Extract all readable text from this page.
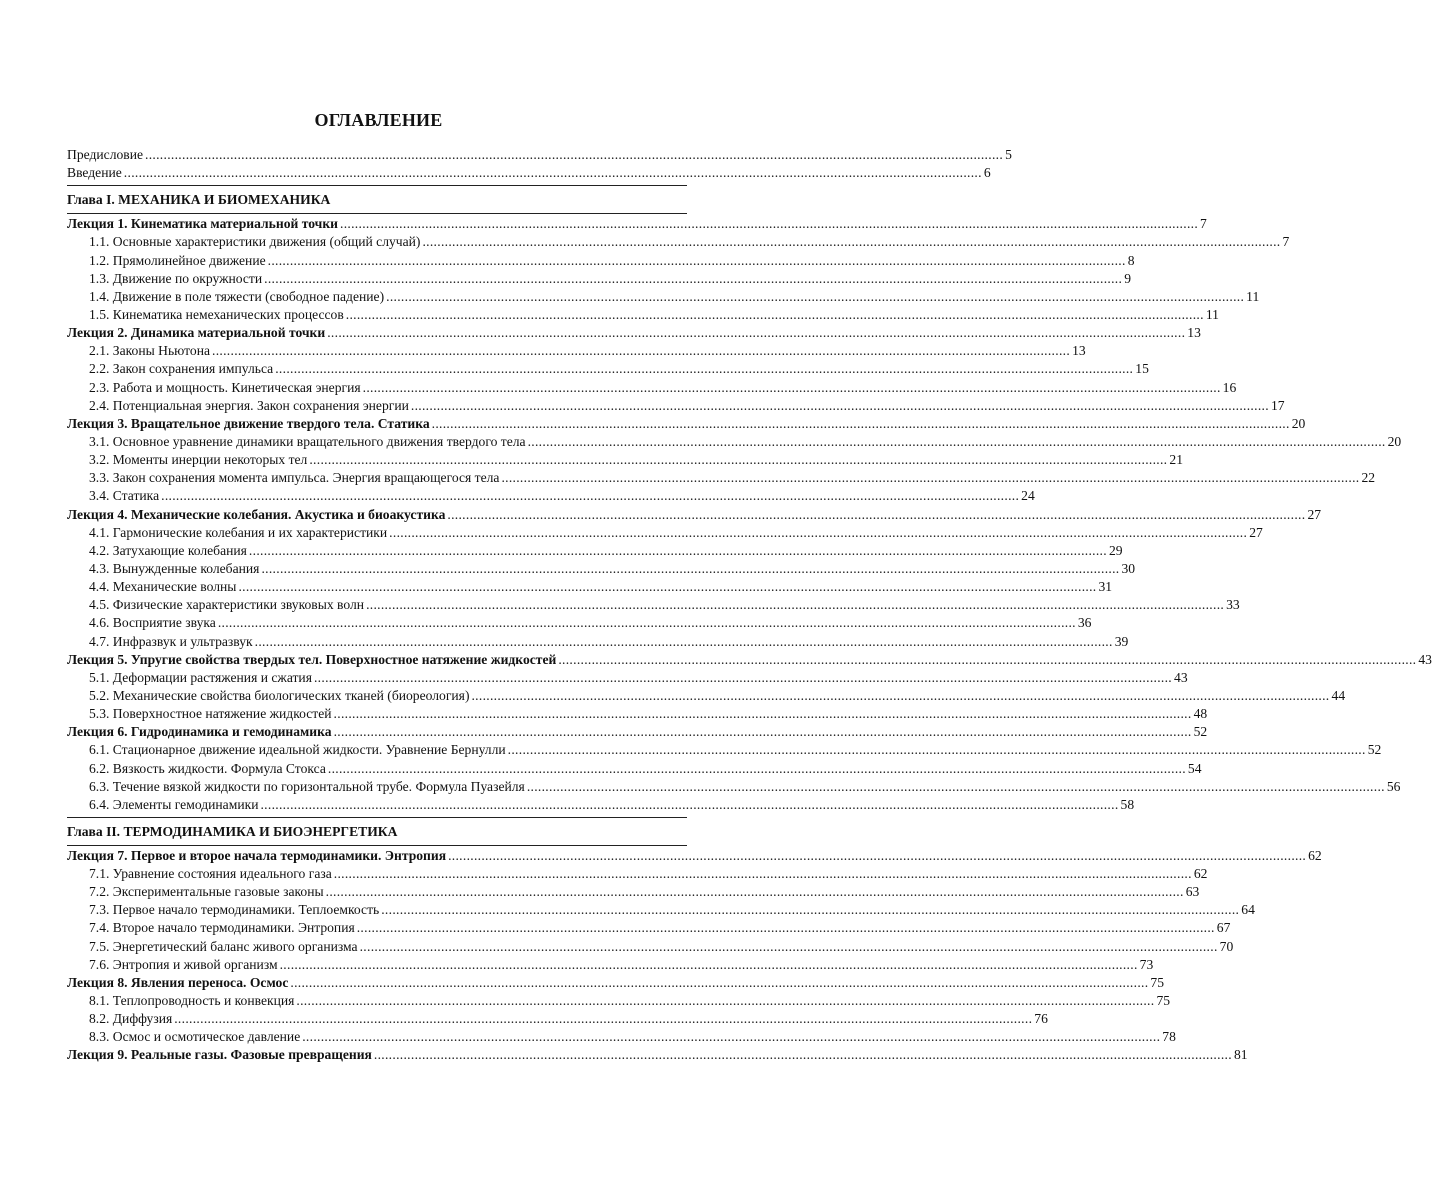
ОГЛАВЛЕНИЕ
Предисловие .....	5
Введение .....	6
Глава I. МЕХАНИКА И БИОМЕХАНИКА
Лекция 1. Кинематика материальной точки .....	7
1.1. Основные характеристики движения (общий случай) .....	7
1.2. Прямолинейное движение .....	8
1.3. Движение по окружности .....	9
1.4. Движение в поле тяжести (свободное падение) .....	11
1.5. Кинематика немеханических процессов .....	11
Лекция 2. Динамика материальной точки .....	13
2.1. Законы Ньютона .....	13
2.2. Закон сохранения импульса .....	15
2.3. Работа и мощность. Кинетическая энергия .....	16
2.4. Потенциальная энергия. Закон сохранения энергии .....	17
Лекция 3. Вращательное движение твердого тела. Статика .....	20
3.1. Основное уравнение динамики вращательного движения твердого тела .....	20
3.2. Моменты инерции некоторых тел .....	21
3.3. Закон сохранения момента импульса. Энергия вращающегося тела .....	22
3.4. Статика .....	24
Лекция 4. Механические колебания. Акустика и биоакустика .....	27
4.1. Гармонические колебания и их характеристики .....	27
4.2. Затухающие колебания .....	29
4.3. Вынужденные колебания .....	30
4.4. Механические волны .....	31
4.5. Физические характеристики звуковых волн .....	33
4.6. Восприятие звука .....	36
4.7. Инфразвук и ультразвук .....	39
Лекция 5. Упругие свойства твердых тел. Поверхностное натяжение жидкостей .....	43
5.1. Деформации растяжения и сжатия .....	43
5.2. Механические свойства биологических тканей (биореология) .....	44
5.3. Поверхностное натяжение жидкостей .....	48
Лекция 6. Гидродинамика и гемодинамика .....	52
6.1. Стационарное движение идеальной жидкости. Уравнение Бернулли .....	52
6.2. Вязкость жидкости. Формула Стокса .....	54
6.3. Течение вязкой жидкости по горизонтальной трубе. Формула Пуазейля .....	56
6.4. Элементы гемодинамики .....	58
Глава II. ТЕРМОДИНАМИКА И БИОЭНЕРГЕТИКА
Лекция 7. Первое и второе начала термодинамики. Энтропия .....	62
7.1. Уравнение состояния идеального газа .....	62
7.2. Экспериментальные газовые законы .....	63
7.3. Первое начало термодинамики. Теплоемкость .....	64
7.4. Второе начало термодинамики. Энтропия .....	67
7.5. Энергетический баланс живого организма .....	70
7.6. Энтропия и живой организм .....	73
Лекция 8. Явления переноса. Осмос .....	75
8.1. Теплопроводность и конвекция .....	75
8.2. Диффузия .....	76
8.3. Осмос и осмотическое давление .....	78
Лекция 9. Реальные газы. Фазовые превращения .....	81
